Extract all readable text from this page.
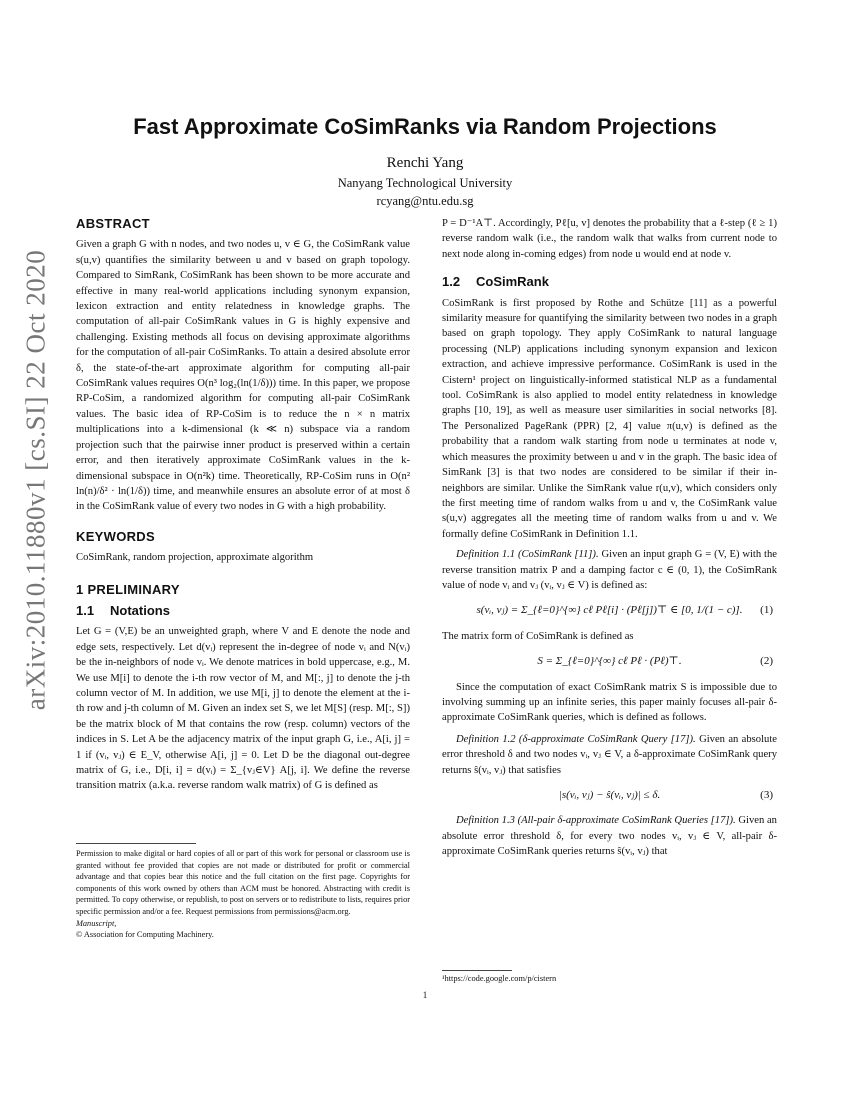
arXiv:2010.11880v1 [cs.SI] 22 Oct 2020
Fast Approximate CoSimRanks via Random Projections
Renchi Yang
Nanyang Technological University
rcyang@ntu.edu.sg
ABSTRACT

Given a graph G with n nodes, and two nodes u, v ∈ G, the CoSimRank value s(u,v) quantifies the similarity between u and v based on graph topology. Compared to SimRank, CoSimRank has been shown to be more accurate and effective in many real-world applications including synonym expansion, lexicon extraction and entity relatedness in knowledge graphs. The computation of all-pair CoSimRank values in G is highly expensive and challenging. Existing methods all focus on devising approximate algorithms for the computation of all-pair CoSimRanks. To attain a desired absolute error δ, the state-of-the-art approximate algorithm for computing all-pair CoSimRank values requires O(n³ log₂(ln(1/δ))) time. In this paper, we propose RP-CoSim, a randomized algorithm for computing all-pair CoSimRank values. The basic idea of RP-CoSim is to reduce the n × n matrix multiplications into a k-dimensional (k ≪ n) subspace via a random projection such that the pairwise inner product is preserved within a certain error, and then iteratively approximate CoSimRank values in the k-dimensional subspace in O(n²k) time. Theoretically, RP-CoSim runs in O(n² ln(n)/δ² · ln(1/δ)) time, and meanwhile ensures an absolute error of at most δ in the CoSimRank value of every two nodes in G with a high probability.

KEYWORDS

CoSimRank, random projection, approximate algorithm

1 PRELIMINARY
1.1 Notations

Let G = (V,E) be an unweighted graph, where V and E denote the node and edge sets, respectively. Let d(vᵢ) represent the in-degree of node vᵢ and N(vᵢ) be the in-neighbors of node vᵢ. We denote matrices in bold uppercase, e.g., M. We use M[i] to denote the i-th row vector of M, and M[:, j] to denote the j-th column vector of M. In addition, we use M[i, j] to denote the element at the i-th row and j-th column of M. Given an index set S, we let M[S] (resp. M[:, S]) be the matrix block of M that contains the row (resp. column) vectors of the indices in S. Let A be the adjacency matrix of the input graph G, i.e., A[i, j] = 1 if (vᵢ, vⱼ) ∈ E_V, otherwise A[i, j] = 0. Let D be the diagonal out-degree matrix of G, i.e., D[i, i] = d(vᵢ) = Σ_{vⱼ∈V} A[j, i]. We define the reverse transition matrix (a.k.a. reverse random walk matrix) of G is defined as

Permission to make digital or hard copies of all or part of this work for personal or classroom use is granted without fee provided that copies are not made or distributed for profit or commercial advantage and that copies bear this notice and the full citation on the first page. Copyrights for components of this work owned by others than ACM must be honored. Abstracting with credit is permitted. To copy otherwise, or republish, to post on servers or to redistribute to lists, requires prior specific permission and/or a fee. Request permissions from permissions@acm.org.

Manuscript,

© Association for Computing Machinery.

P = D⁻¹A⊤. Accordingly, Pℓ[u, v] denotes the probability that a ℓ-step (ℓ ≥ 1) reverse random walk (i.e., the random walk that walks from current node to next node along in-coming edges) from node u would end at node v.

1.2 CoSimRank

CoSimRank is first proposed by Rothe and Schütze [11] as a powerful similarity measure for quantifying the similarity between two nodes in a graph based on graph topology. They apply CoSimRank to natural language processing (NLP) applications including synonym expansion and lexicon extraction, and achieve impressive performance. CoSimRank is used in the Cistern¹ project on linguistically-informed statistical NLP as a fundamental tool. CoSimRank is also applied to model entity relatedness in knowledge graphs [10, 19], as well as measure user similarities in social networks [8]. The Personalized PageRank (PPR) [2, 4] value π(u,v) is defined as the probability that a random walk starting from node u terminates at node v, which measures the proximity between u and v in the graph. The basic idea of SimRank [3] is that two nodes are considered to be similar if their in-neighbors are similar. Unlike the SimRank value r(u,v), which considers only the first meeting time of random walks from u and v, the CoSimRank value s(u,v) aggregates all the meeting time of random walks from u and v. We formally define CoSimRank in Definition 1.1.

Definition 1.1 (CoSimRank [11]). Given an input graph G = (V, E) with the reverse transition matrix P and a damping factor c ∈ (0, 1), the CoSimRank value of node vᵢ and vⱼ (vᵢ, vⱼ ∈ V) is defined as:

s(vᵢ, vⱼ) = Σ_{ℓ=0}^{∞} cℓ Pℓ[i] · (Pℓ[j])⊤ ∈ [0, 1/(1 − c)]. (1)

The matrix form of CoSimRank is defined as

S = Σ_{ℓ=0}^{∞} cℓ Pℓ · (Pℓ)⊤.	(2)

Since the computation of exact CoSimRank matrix S is impossible due to involving summing up an infinite series, this paper mainly focuses all-pair δ-approximate CoSimRank queries, which is defined as follows.

Definition 1.2 (δ-approximate CoSimRank Query [17]). Given an absolute error threshold δ and two nodes vᵢ, vⱼ ∈ V, a δ-approximate CoSimRank query returns ŝ(vᵢ, vⱼ) that satisfies

|s(vᵢ, vⱼ) − ŝ(vᵢ, vⱼ)| ≤ δ.	(3)

Definition 1.3 (All-pair δ-approximate CoSimRank Queries [17]). Given an absolute error threshold δ, for every two nodes vᵢ, vⱼ ∈ V, all-pair δ-approximate CoSimRank queries returns ŝ(vᵢ, vⱼ) that

¹https://code.google.com/p/cistern
1
